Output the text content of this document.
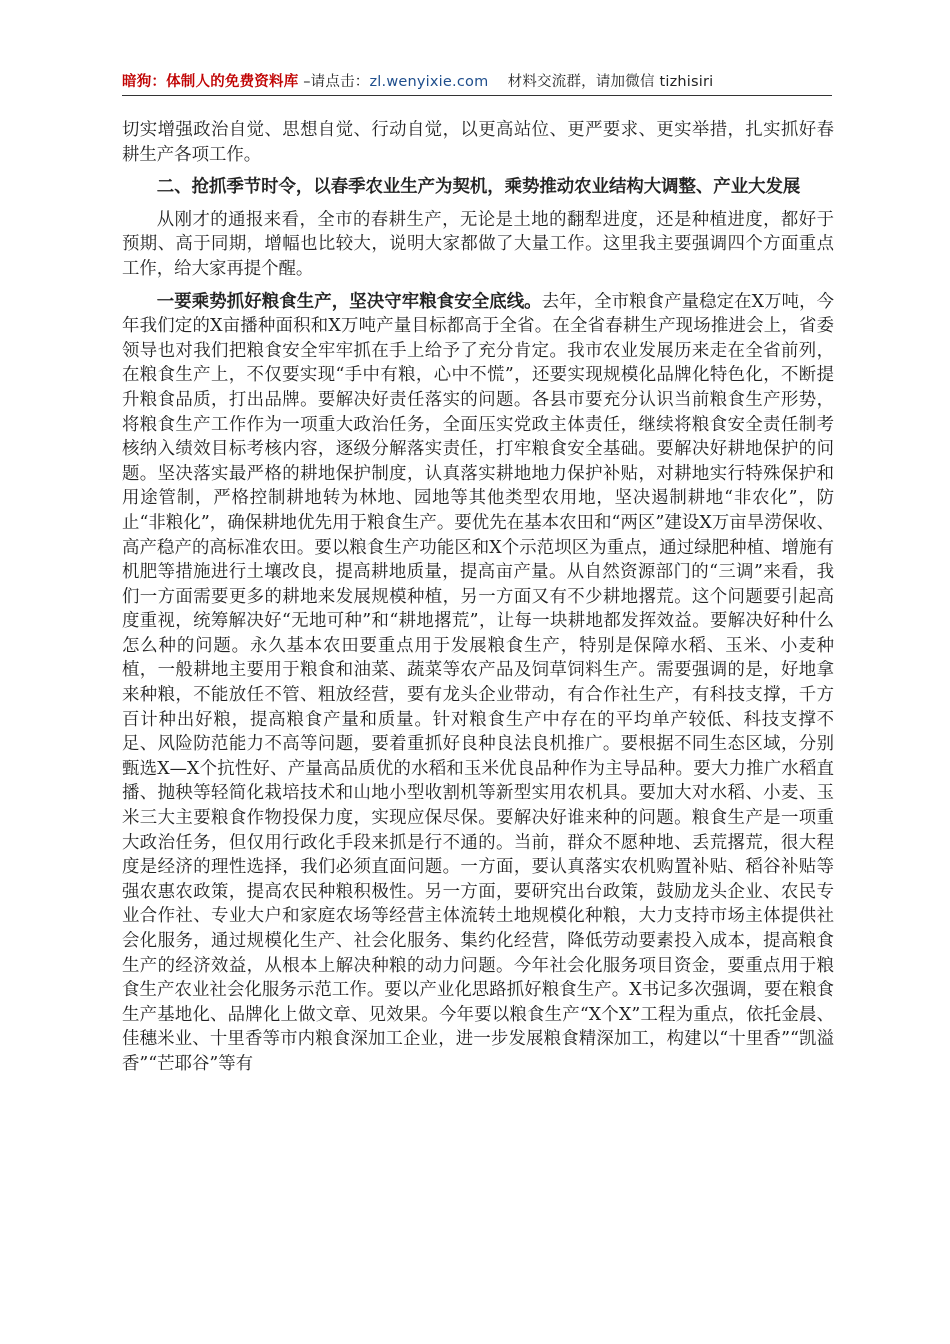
暗狗：体制人的免费资料库 –请点击：zl.wenyixie.com 材料交流群，请加微信 tizhisiri

切实增强政治自觉、思想自觉、行动自觉，以更高站位、更严要求、更实举措，扎实抓好春耕生产各项工作。

二、抢抓季节时令，以春季农业生产为契机，乘势推动农业结构大调整、产业大发展

从刚才的通报来看，全市的春耕生产，无论是土地的翻犁进度，还是种植进度，都好于预期、高于同期，增幅也比较大，说明大家都做了大量工作。这里我主要强调四个方面重点工作，给大家再提个醒。

一要乘势抓好粮食生产，坚决守牢粮食安全底线。去年，全市粮食产量稳定在X万吨，今年我们定的X亩播种面积和X万吨产量目标都高于全省。在全省春耕生产现场推进会上，省委领导也对我们把粮食安全牢牢抓在手上给予了充分肯定。我市农业发展历来走在全省前列，在粮食生产上，不仅要实现“手中有粮，心中不慌”，还要实现规模化品牌化特色化，不断提升粮食品质，打出品牌。要解决好责任落实的问题。各县市要充分认识当前粮食生产形势，将粮食生产工作作为一项重大政治任务，全面压实党政主体责任，继续将粮食安全责任制考核纳入绩效目标考核内容，逐级分解落实责任，打牢粮食安全基础。要解决好耕地保护的问题。坚决落实最严格的耕地保护制度，认真落实耕地地力保护补贴，对耕地实行特殊保护和用途管制，严格控制耕地转为林地、园地等其他类型农用地，坚决遏制耕地“非农化”，防止“非粮化”，确保耕地优先用于粮食生产。要优先在基本农田和“两区”建设X万亩旱涝保收、高产稳产的高标准农田。要以粮食生产功能区和X个示范坝区为重点，通过绿肥种植、增施有机肥等措施进行土壤改良，提高耕地质量，提高亩产量。从自然资源部门的“三调”来看，我们一方面需要更多的耕地来发展规模种植，另一方面又有不少耕地撂荒。这个问题要引起高度重视，统筹解决好“无地可种”和“耕地撂荒”，让每一块耕地都发挥效益。要解决好种什么怎么种的问题。永久基本农田要重点用于发展粮食生产，特别是保障水稻、玉米、小麦种植，一般耕地主要用于粮食和油菜、蔬菜等农产品及饲草饲料生产。需要强调的是，好地拿来种粮，不能放任不管、粗放经营，要有龙头企业带动，有合作社生产，有科技支撑，千方百计种出好粮，提高粮食产量和质量。针对粮食生产中存在的平均单产较低、科技支撑不足、风险防范能力不高等问题，要着重抓好良种良法良机推广。要根据不同生态区域，分别甄选X—X个抗性好、产量高品质优的水稻和玉米优良品种作为主导品种。要大力推广水稻直播、抛秧等轻简化栽培技术和山地小型收割机等新型实用农机具。要加大对水稻、小麦、玉米三大主要粮食作物投保力度，实现应保尽保。要解决好谁来种的问题。粮食生产是一项重大政治任务，但仅用行政化手段来抓是行不通的。当前，群众不愿种地、丢荒撂荒，很大程度是经济的理性选择，我们必须直面问题。一方面，要认真落实农机购置补贴、稻谷补贴等强农惠农政策，提高农民种粮积极性。另一方面，要研究出台政策，鼓励龙头企业、农民专业合作社、专业大户和家庭农场等经营主体流转土地规模化种粮，大力支持市场主体提供社会化服务，通过规模化生产、社会化服务、集约化经营，降低劳动要素投入成本，提高粮食生产的经济效益，从根本上解决种粮的动力问题。今年社会化服务项目资金，要重点用于粮食生产农业社会化服务示范工作。要以产业化思路抓好粮食生产。X书记多次强调，要在粮食生产基地化、品牌化上做文章、见效果。今年要以粮食生产“X个X”工程为重点，依托金晨、佳穗米业、十里香等市内粮食深加工企业，进一步发展粮食精深加工，构建以“十里香”“凯溢香”“芒耶谷”等有
